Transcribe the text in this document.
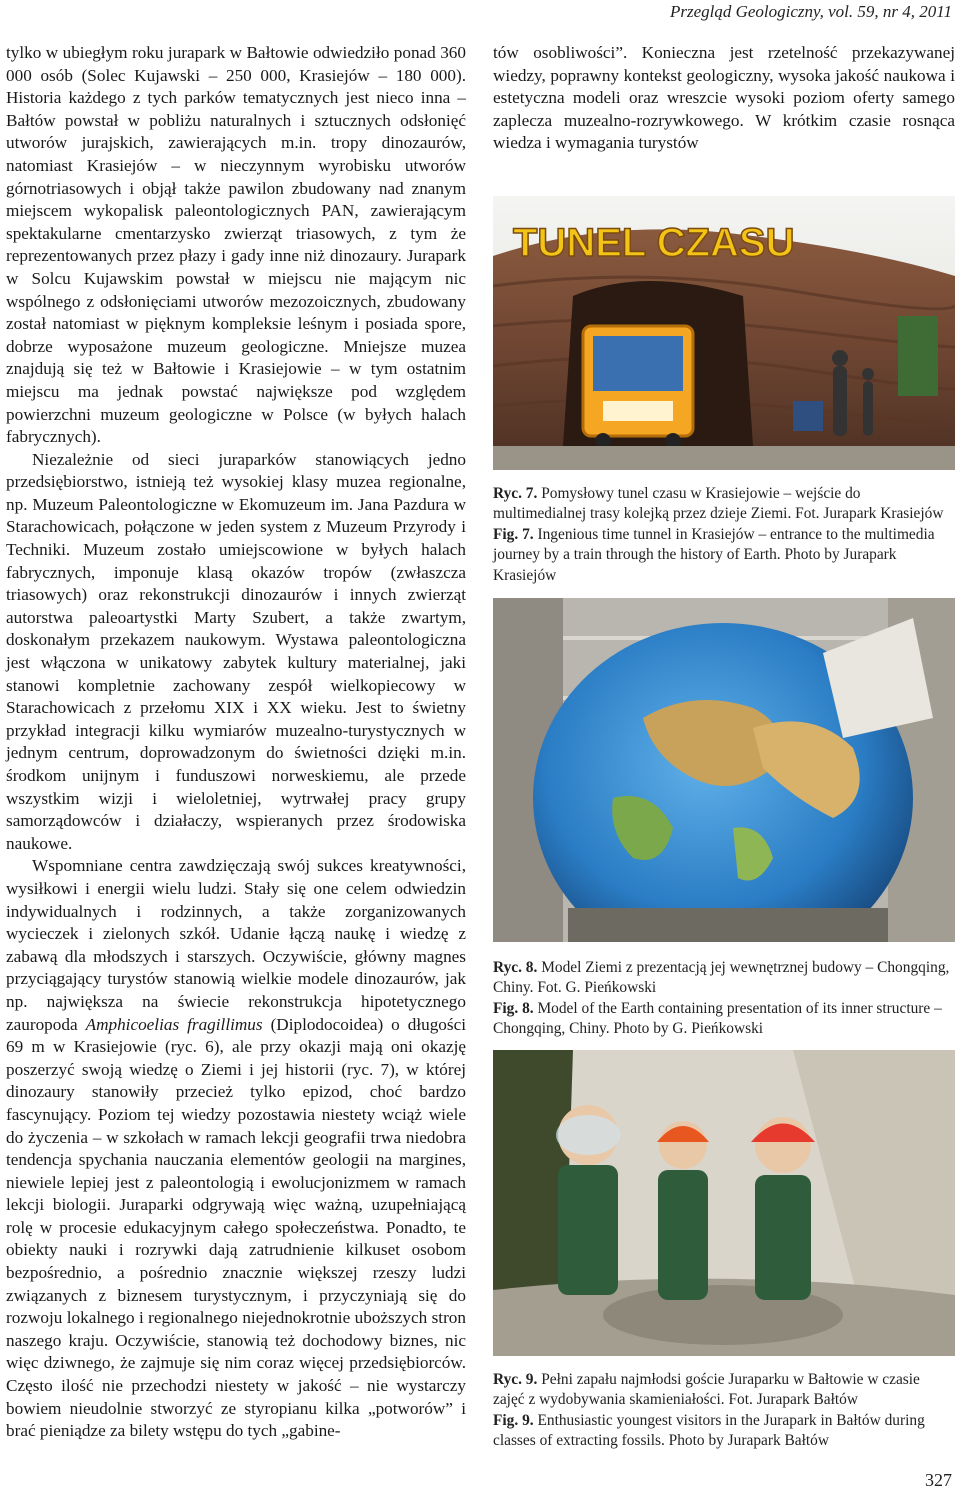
Przegląd Geologiczny, vol. 59, nr 4, 2011

tylko w ubiegłym roku jurapark w Bałtowie odwiedziło ponad 360 000 osób (Solec Kujawski – 250 000, Krasiejów – 180 000). Historia każdego z tych parków tematycznych jest nieco inna – Bałtów powstał w pobliżu naturalnych i sztucznych odsłonięć utworów jurajskich, zawierających m.in. tropy dinozaurów, natomiast Krasiejów – w nieczynnym wyrobisku utworów górnotriasowych i objął także pawilon zbudowany nad znanym miejscem wykopalisk paleontologicznych PAN, zawierającym spektakularne cmentarzysko zwierząt triasowych, z tym że reprezentowanych przez płazy i gady inne niż dinozaury. Jurapark w Solcu Kujawskim powstał w miejscu nie mającym nic wspólnego z odsłonięciami utworów mezozoicznych, zbudowany został natomiast w pięknym kompleksie leśnym i posiada spore, dobrze wyposażone muzeum geologiczne. Mniejsze muzea znajdują się też w Bałtowie i Krasiejowie – w tym ostatnim miejscu ma jednak powstać największe pod względem powierzchni muzeum geologiczne w Polsce (w byłych halach fabrycznych).

Niezależnie od sieci juraparków stanowiących jedno przedsiębiorstwo, istnieją też wysokiej klasy muzea regionalne, np. Muzeum Paleontologiczne w Ekomuzeum im. Jana Pazdura w Starachowicach, połączone w jeden system z Muzeum Przyrody i Techniki. Muzeum zostało umiejscowione w byłych halach fabrycznych, imponuje klasą okazów tropów (zwłaszcza triasowych) oraz rekonstrukcji dinozaurów i innych zwierząt autorstwa paleoartystki Marty Szubert, a także zwartym, doskonałym przekazem naukowym. Wystawa paleontologiczna jest włączona w unikatowy zabytek kultury materialnej, jaki stanowi kompletnie zachowany zespół wielkopiecowy w Starachowicach z przełomu XIX i XX wieku. Jest to świetny przykład integracji kilku wymiarów muzealno-turystycznych w jednym centrum, doprowadzonym do świetności dzięki m.in. środkom unijnym i funduszowi norweskiemu, ale przede wszystkim wizji i wieloletniej, wytrwałej pracy grupy samorządowców i działaczy, wspieranych przez środowiska naukowe.

Wspomniane centra zawdzięczają swój sukces kreatywności, wysiłkowi i energii wielu ludzi. Stały się one celem odwiedzin indywidualnych i rodzinnych, a także zorganizowanych wycieczek i zielonych szkół. Udanie łączą naukę i wiedzę z zabawą dla młodszych i starszych. Oczywiście, główny magnes przyciągający turystów stanowią wielkie modele dinozaurów, jak np. największa na świecie rekonstrukcja hipotetycznego zauropoda Amphicoelias fragillimus (Diplodocoidea) o długości 69 m w Krasiejowie (ryc. 6), ale przy okazji mają oni okazję poszerzyć swoją wiedzę o Ziemi i jej historii (ryc. 7), w której dinozaury stanowiły przecież tylko epizod, choć bardzo fascynujący. Poziom tej wiedzy pozostawia niestety wciąż wiele do życzenia – w szkołach w ramach lekcji geografii trwa niedobra tendencja spychania nauczania elementów geologii na margines, niewiele lepiej jest z paleontologią i ewolucjonizmem w ramach lekcji biologii. Juraparki odgrywają więc ważną, uzupełniającą rolę w procesie edukacyjnym całego społeczeństwa. Ponadto, te obiekty nauki i rozrywki dają zatrudnienie kilkuset osobom bezpośrednio, a pośrednio znacznie większej rzeszy ludzi związanych z biznesem turystycznym, i przyczyniają się do rozwoju lokalnego i regionalnego niejednokrotnie uboższych stron naszego kraju. Oczywiście, stanowią też dochodowy biznes, nic więc dziwnego, że zajmuje się nim coraz więcej przedsiębiorców. Często ilość nie przechodzi niestety w jakość – nie wystarczy bowiem nieudolnie stworzyć ze styropianu kilka „potworów” i brać pieniądze za bilety wstępu do tych „gabine-

tów osobliwości”. Konieczna jest rzetelność przekazywanej wiedzy, poprawny kontekst geologiczny, wysoka jakość naukowa i estetyczna modeli oraz wreszcie wysoki poziom oferty samego zaplecza muzealno-rozrywkowego. W krótkim czasie rosnąca wiedza i wymagania turystów

TUNEL CZASU
Ryc. 7. Pomysłowy tunel czasu w Krasiejowie – wejście do multimedialnej trasy kolejką przez dzieje Ziemi. Fot. Jurapark Krasiejów
Fig. 7. Ingenious time tunnel in Krasiejów – entrance to the multimedia journey by a train through the history of Earth. Photo by Jurapark Krasiejów
Ryc. 8. Model Ziemi z prezentacją jej wewnętrznej budowy – Chongqing, Chiny. Fot. G. Pieńkowski
Fig. 8. Model of the Earth containing presentation of its inner structure – Chongqing, Chiny. Photo by G. Pieńkowski
Ryc. 9. Pełni zapału najmłodsi goście Juraparku w Bałtowie w czasie zajęć z wydobywania skamieniałości. Fot. Jurapark Bałtów
Fig. 9. Enthusiastic youngest visitors in the Jurapark in Bałtów during classes of extracting fossils. Photo by Jurapark Bałtów
327
